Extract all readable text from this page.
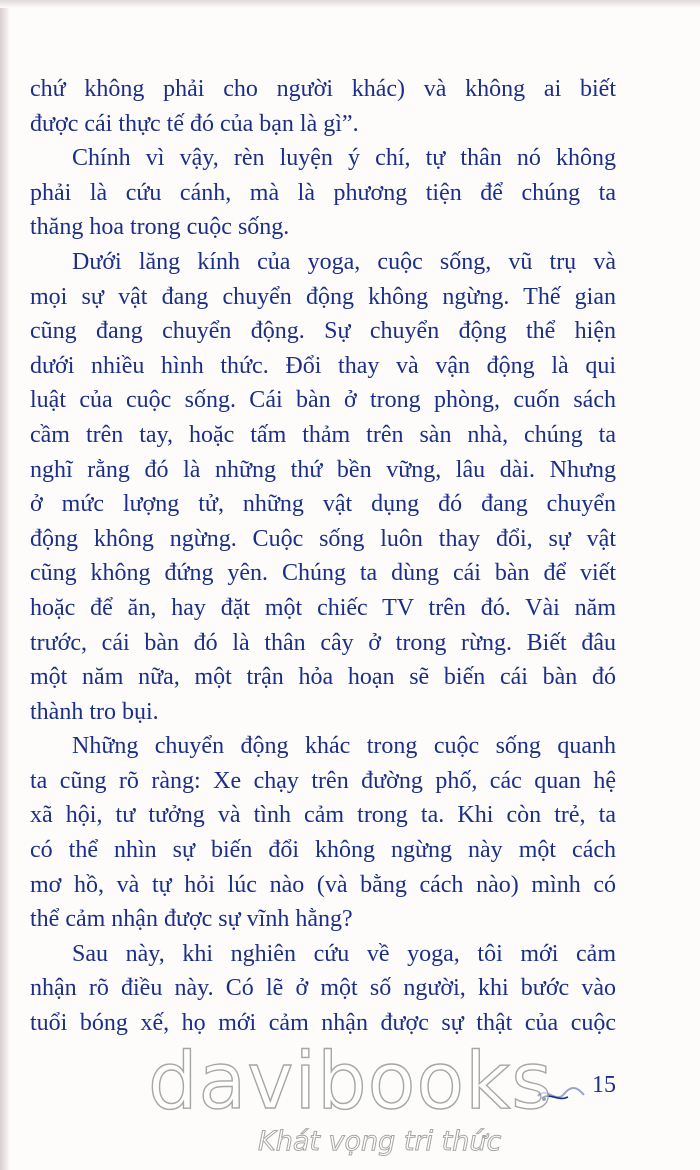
chứ không phải cho người khác) và không ai biết
được cái thực tế đó của bạn là gì”.
Chính vì vậy, rèn luyện ý chí, tự thân nó không
phải là cứu cánh, mà là phương tiện để chúng ta
thăng hoa trong cuộc sống.
Dưới lăng kính của yoga, cuộc sống, vũ trụ và
mọi sự vật đang chuyển động không ngừng. Thế gian
cũng đang chuyển động. Sự chuyển động thể hiện
dưới nhiều hình thức. Đổi thay và vận động là qui
luật của cuộc sống. Cái bàn ở trong phòng, cuốn sách
cầm trên tay, hoặc tấm thảm trên sàn nhà, chúng ta
nghĩ rằng đó là những thứ bền vững, lâu dài. Nhưng
ở mức lượng tử, những vật dụng đó đang chuyển
động không ngừng. Cuộc sống luôn thay đổi, sự vật
cũng không đứng yên. Chúng ta dùng cái bàn để viết
hoặc để ăn, hay đặt một chiếc TV trên đó. Vài năm
trước, cái bàn đó là thân cây ở trong rừng. Biết đâu
một năm nữa, một trận hỏa hoạn sẽ biến cái bàn đó
thành tro bụi.
Những chuyển động khác trong cuộc sống quanh
ta cũng rõ ràng: Xe chạy trên đường phố, các quan hệ
xã hội, tư tưởng và tình cảm trong ta. Khi còn trẻ, ta
có thể nhìn sự biến đổi không ngừng này một cách
mơ hồ, và tự hỏi lúc nào (và bằng cách nào) mình có
thể cảm nhận được sự vĩnh hằng?
Sau này, khi nghiên cứu về yoga, tôi mới cảm
nhận rõ điều này. Có lẽ ở một số người, khi bước vào
tuổi bóng xế, họ mới cảm nhận được sự thật của cuộc
15
davibooks
Khát vọng tri thức
